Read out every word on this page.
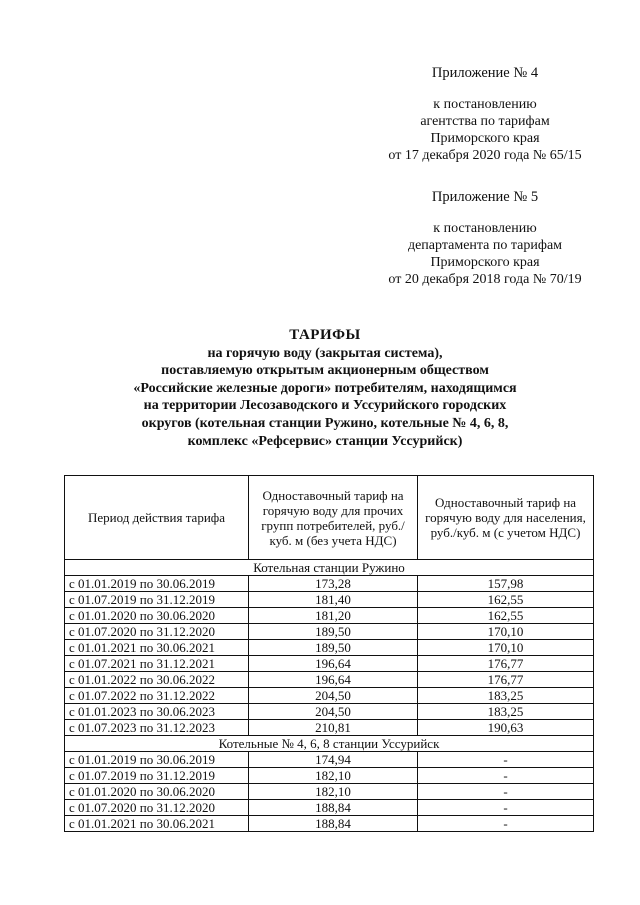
Приложение № 4
к постановлению
агентства по тарифам
Приморского края
от 17 декабря 2020 года № 65/15
Приложение № 5
к постановлению
департамента по тарифам
Приморского края
от 20 декабря 2018 года № 70/19
ТАРИФЫ
на горячую воду (закрытая система),
поставляемую открытым акционерным обществом
«Российские железные дороги» потребителям, находящимся
на территории Лесозаводского и Уссурийского городских
округов (котельная станции Ружино, котельные № 4, 6, 8,
комплекс «Рефсервис» станции Уссурийск)
Период действия тарифа	Одноставочный тариф на горячую воду для прочих групп потребителей, руб./куб. м (без учета НДС)	Одноставочный тариф на горячую воду для населения, руб./куб. м (с учетом НДС)
Котельная станции Ружино		
с 01.01.2019 по 30.06.2019	173,28	157,98
с 01.07.2019 по 31.12.2019	181,40	162,55
с 01.01.2020 по 30.06.2020	181,20	162,55
с 01.07.2020 по 31.12.2020	189,50	170,10
с 01.01.2021 по 30.06.2021	189,50	170,10
с 01.07.2021 по 31.12.2021	196,64	176,77
с 01.01.2022 по 30.06.2022	196,64	176,77
с 01.07.2022 по 31.12.2022	204,50	183,25
с 01.01.2023 по 30.06.2023	204,50	183,25
с 01.07.2023 по 31.12.2023	210,81	190,63
Котельные № 4, 6, 8 станции Уссурийск		
с 01.01.2019 по 30.06.2019	174,94	-
с 01.07.2019 по 31.12.2019	182,10	-
с 01.01.2020 по 30.06.2020	182,10	-
с 01.07.2020 по 31.12.2020	188,84	-
с 01.01.2021 по 30.06.2021	188,84	-
